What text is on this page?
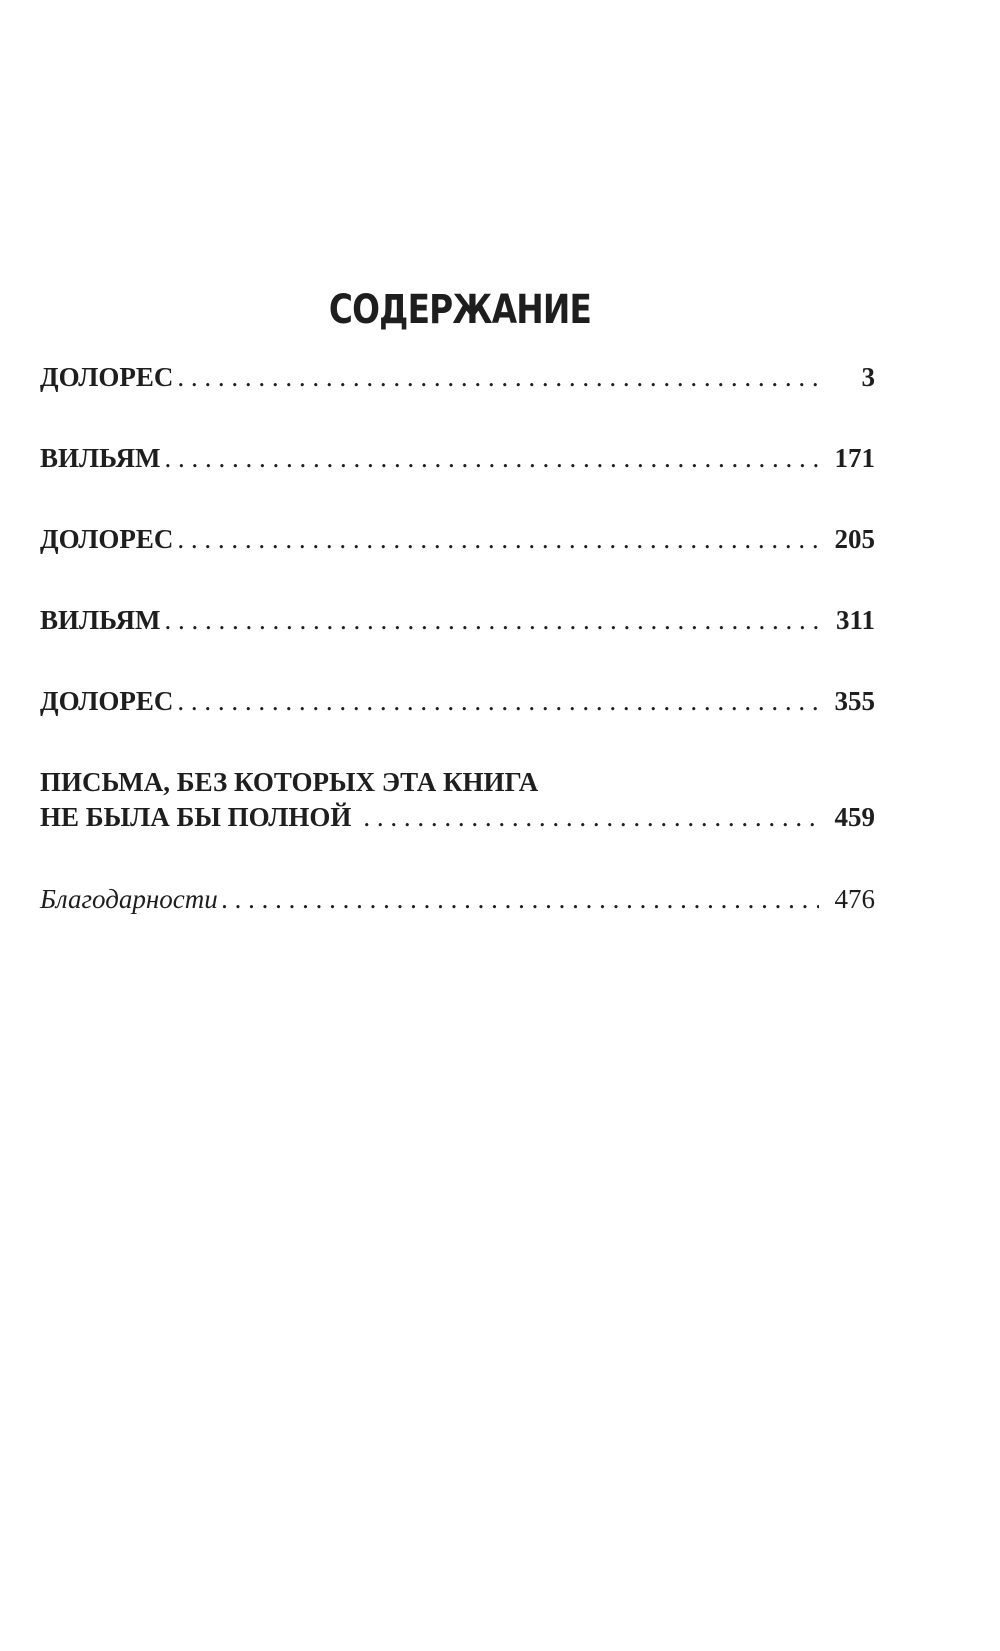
СОДЕРЖАНИЕ
ДОЛОРЕС . . .	3
ВИЛЬЯМ . . .	171
ДОЛОРЕС . . .	205
ВИЛЬЯМ . . .	311
ДОЛОРЕС . . .	355
ПИСЬМА, БЕЗ КОТОРЫХ ЭТА КНИГА
НЕ БЫЛА БЫ ПОЛНОЙ . . .	459
Благодарности . . .	476
